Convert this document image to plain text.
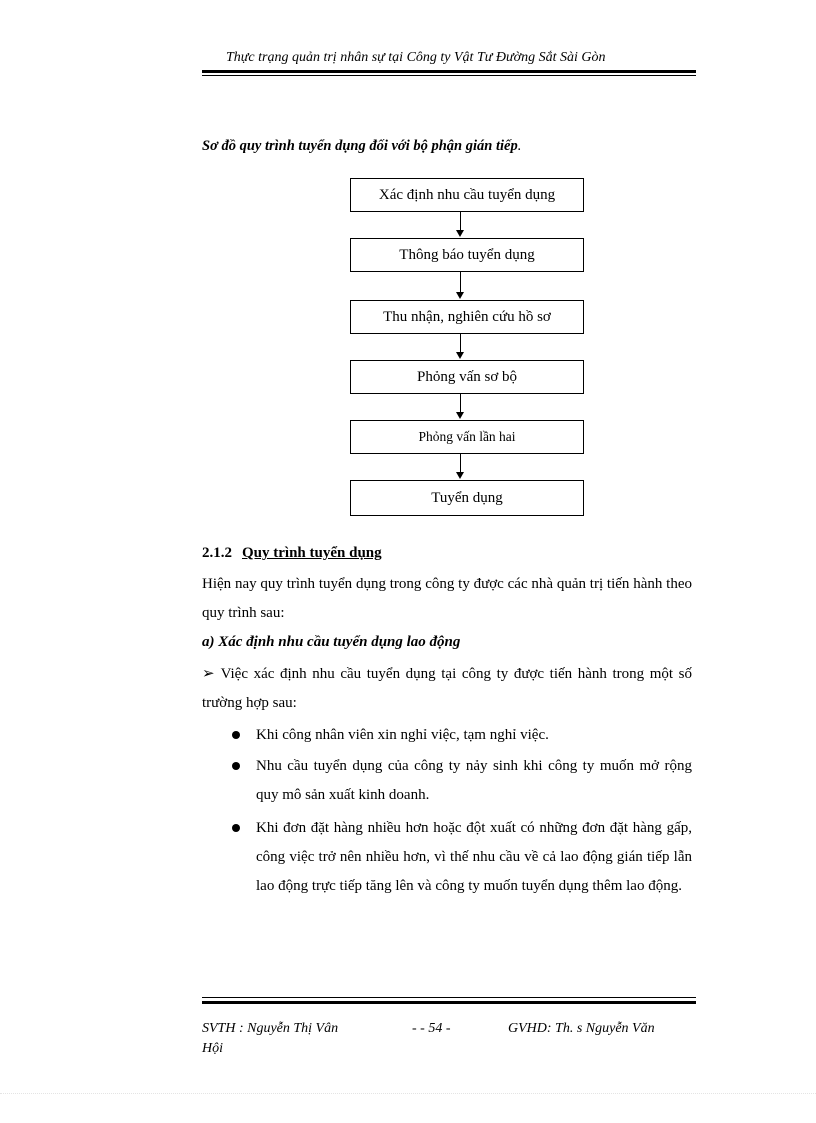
Thực trạng quản trị nhân sự tại Công ty Vật Tư Đường Sắt Sài Gòn
Sơ đồ quy trình tuyển dụng đối với bộ phận gián tiếp.
Xác định nhu cầu tuyển dụng
Thông báo tuyển dụng
Thu nhận, nghiên cứu hồ sơ
Phỏng vấn sơ bộ
Phỏng vấn lần hai
Tuyển dụng
2.1.2 Quy trình tuyển dụng
Hiện nay quy trình tuyển dụng trong công ty được các nhà quản trị tiến hành theo quy trình sau:
a) Xác định nhu cầu tuyển dụng lao động
➢ Việc xác định nhu cầu tuyển dụng tại công ty được tiến hành trong một số trường hợp sau:
Khi công nhân viên xin nghỉ việc, tạm nghỉ việc.
Nhu cầu tuyển dụng của công ty nảy sinh khi công ty muốn mở rộng quy mô sản xuất kinh doanh.
Khi đơn đặt hàng nhiều hơn hoặc đột xuất có những đơn đặt hàng gấp, công việc trở nên nhiều hơn, vì thế nhu cầu về cả lao động gián tiếp lẫn lao động trực tiếp tăng lên và công ty muốn tuyển dụng thêm lao động.
SVTH : Nguyễn Thị Vân
Hội
- - 54 -	GVHD: Th. s Nguyễn Văn
